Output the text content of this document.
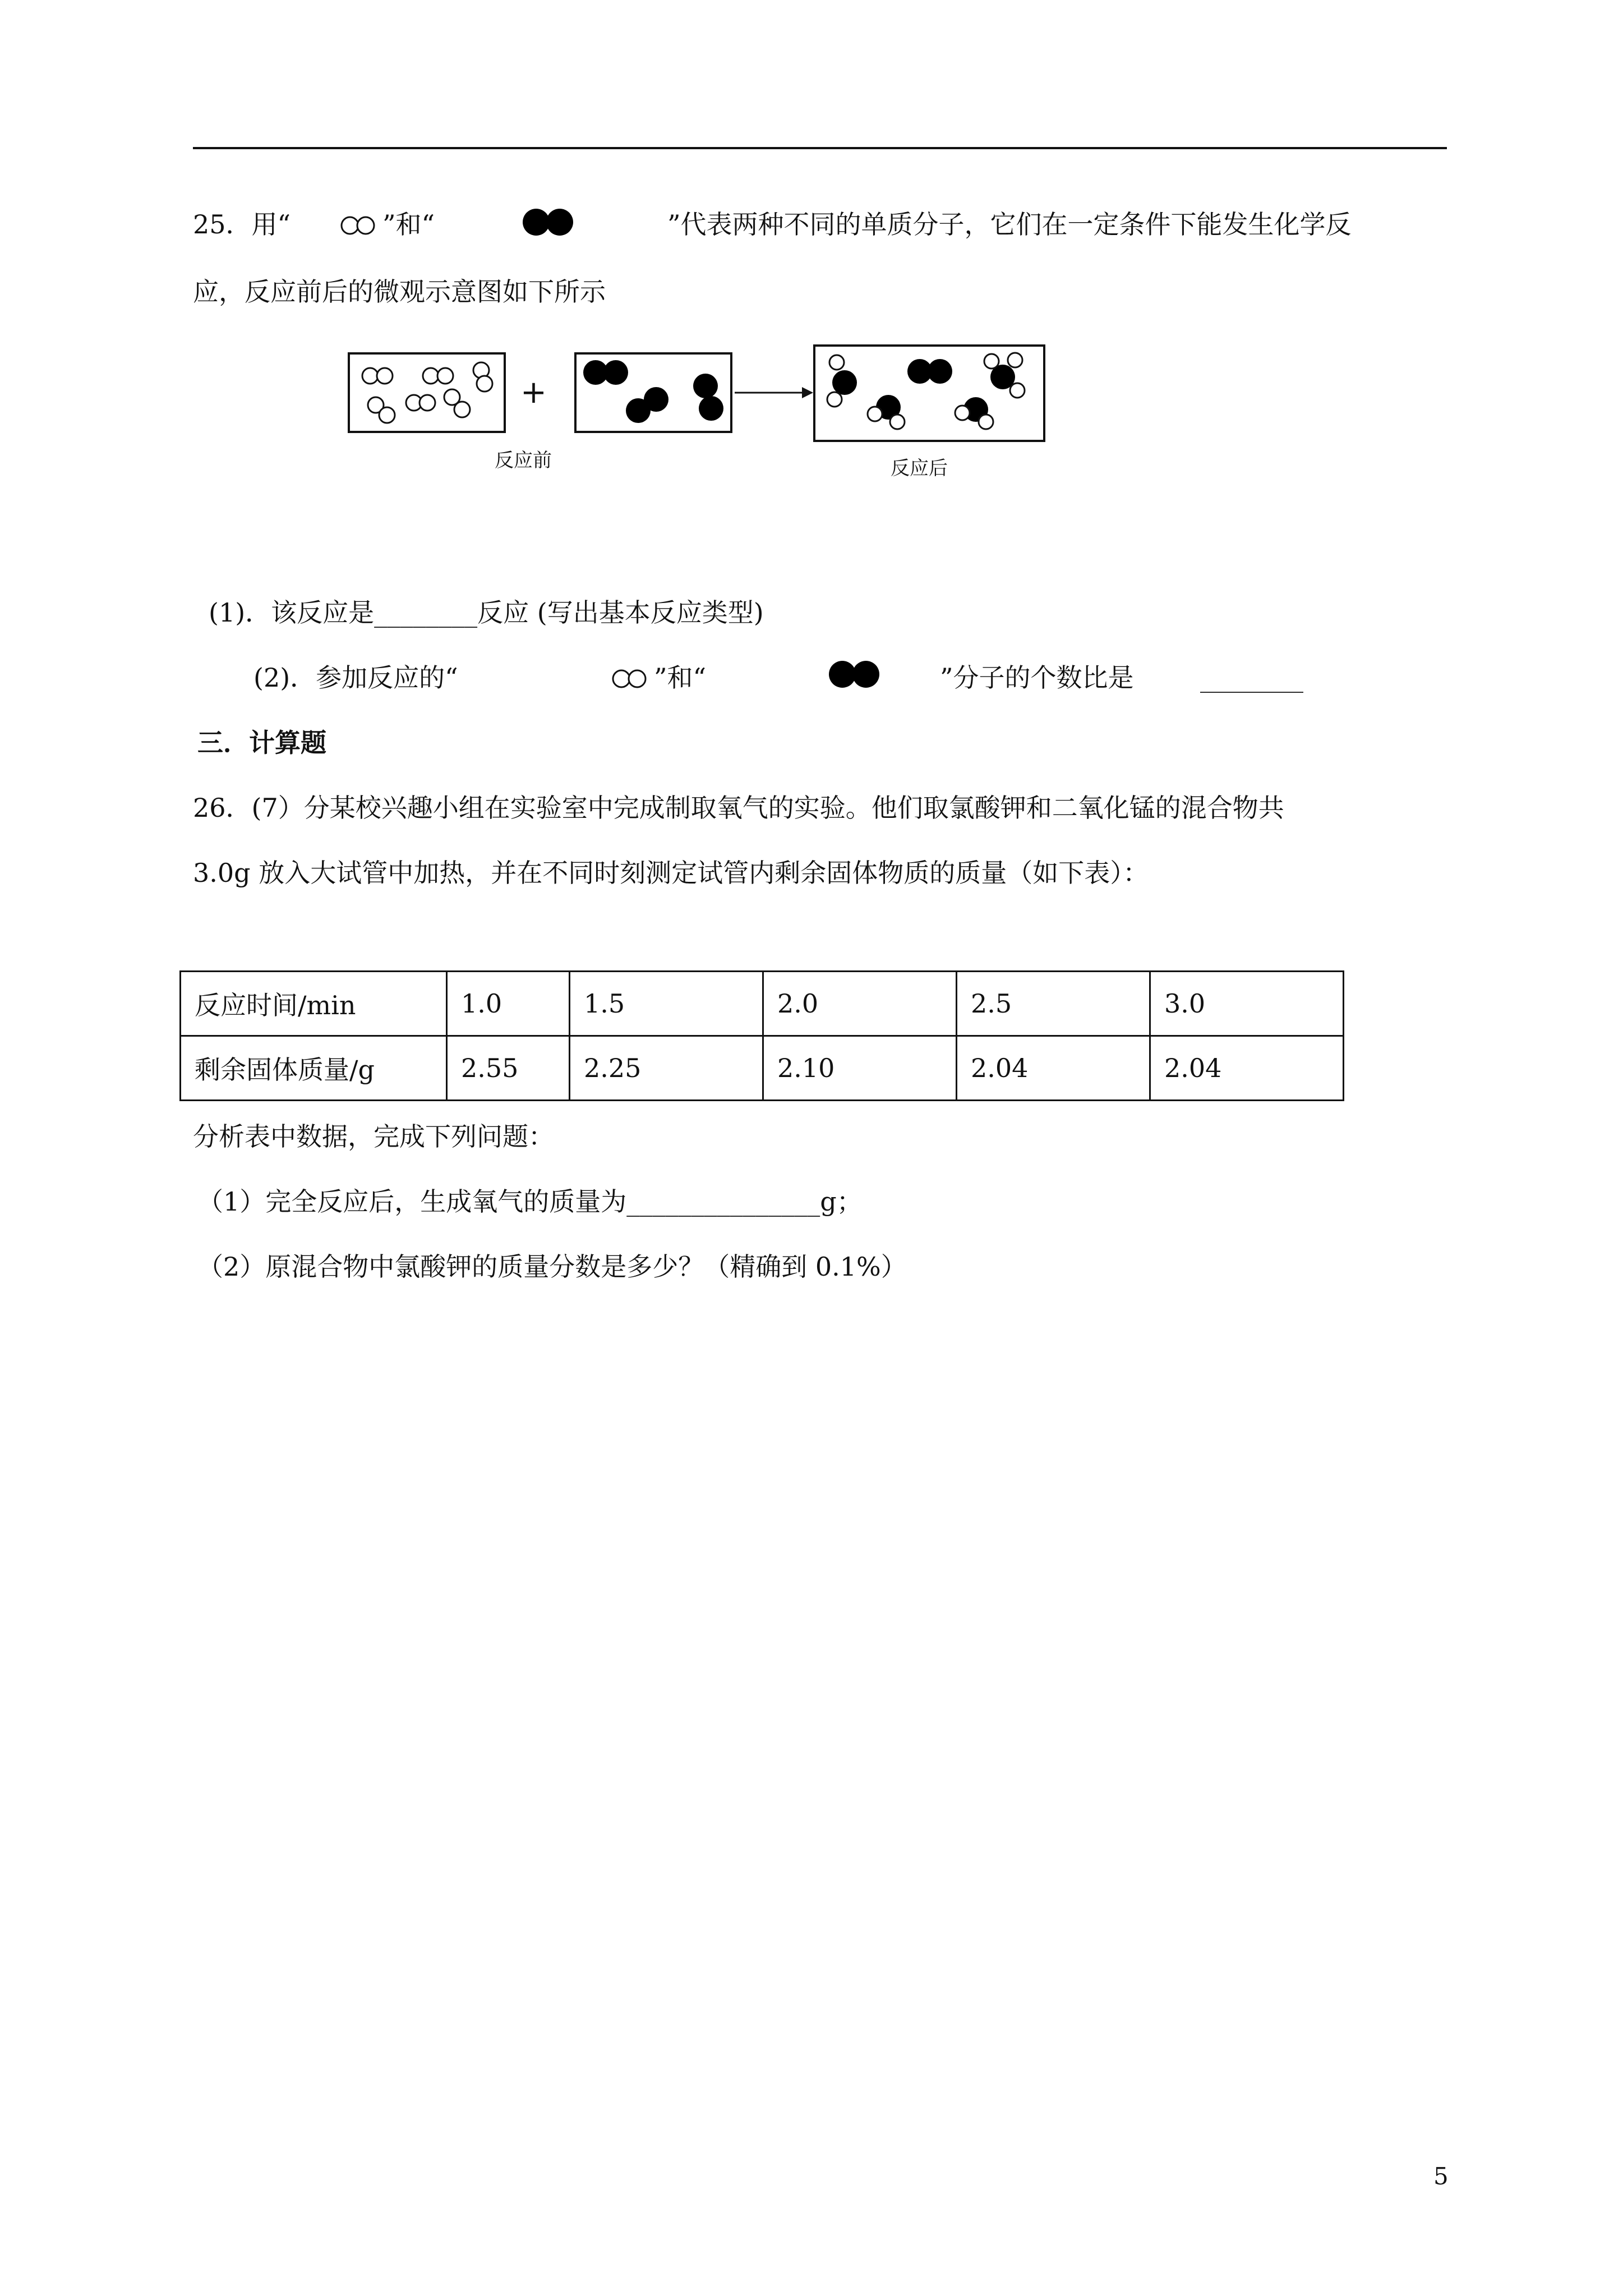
25．用“	”和“	”代表两种不同的单质分子，它们在一定条件下能发生化学反
应，反应前后的微观示意图如下所示
+
反应前	反应后
(1)．该反应是________反应 (写出基本反应类型)
(2)．参加反应的“	”和“	”分子的个数比是	________
三．计算题
26．(7）分某校兴趣小组在实验室中完成制取氧气的实验。他们取氯酸钾和二氧化锰的混合物共
3.0g 放入大试管中加热，并在不同时刻测定试管内剩余固体物质的质量（如下表）：
反应时间/min	1.0	1.5	2.0	2.5	3.0
剩余固体质量/g	2.55	2.25	2.10	2.04	2.04
分析表中数据，完成下列问题：
（1）完全反应后，生成氧气的质量为_______________g；
（2）原混合物中氯酸钾的质量分数是多少？（精确到 0.1%）
5
